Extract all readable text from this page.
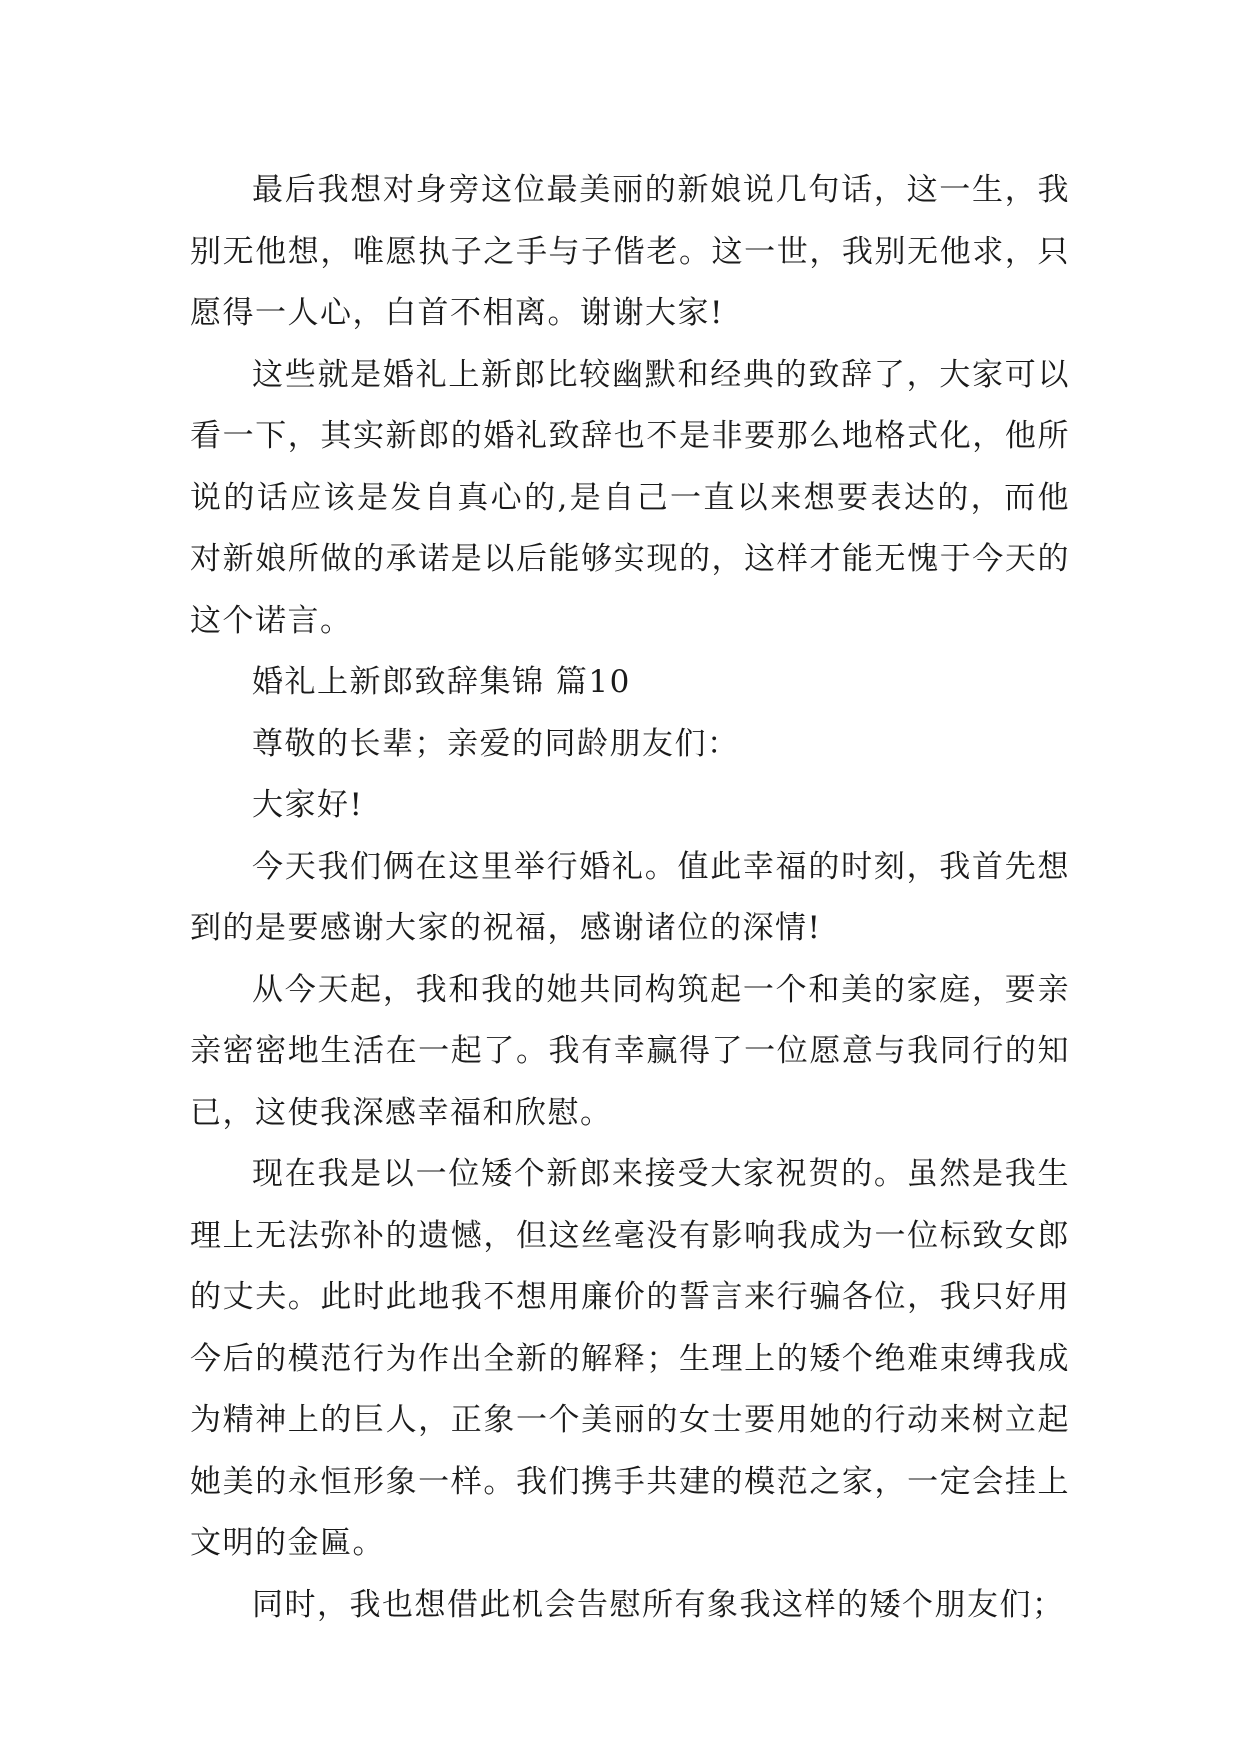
最后我想对身旁这位最美丽的新娘说几句话，这一生，我别无他想，唯愿执子之手与子偕老。这一世，我别无他求，只愿得一人心，白首不相离。谢谢大家!

这些就是婚礼上新郎比较幽默和经典的致辞了，大家可以看一下，其实新郎的婚礼致辞也不是非要那么地格式化，他所说的话应该是发自真心的,是自己一直以来想要表达的，而他对新娘所做的承诺是以后能够实现的，这样才能无愧于今天的这个诺言。

婚礼上新郎致辞集锦 篇10

尊敬的长辈；亲爱的同龄朋友们：

大家好!

今天我们俩在这里举行婚礼。值此幸福的时刻，我首先想到的是要感谢大家的祝福，感谢诸位的深情!

从今天起，我和我的她共同构筑起一个和美的家庭，要亲亲密密地生活在一起了。我有幸赢得了一位愿意与我同行的知已，这使我深感幸福和欣慰。

现在我是以一位矮个新郎来接受大家祝贺的。虽然是我生理上无法弥补的遗憾，但这丝毫没有影响我成为一位标致女郎的丈夫。此时此地我不想用廉价的誓言来行骗各位，我只好用今后的模范行为作出全新的解释；生理上的矮个绝难束缚我成为精神上的巨人，正象一个美丽的女士要用她的行动来树立起她美的永恒形象一样。我们携手共建的模范之家，一定会挂上文明的金匾。

同时，我也想借此机会告慰所有象我这样的矮个朋友们；
